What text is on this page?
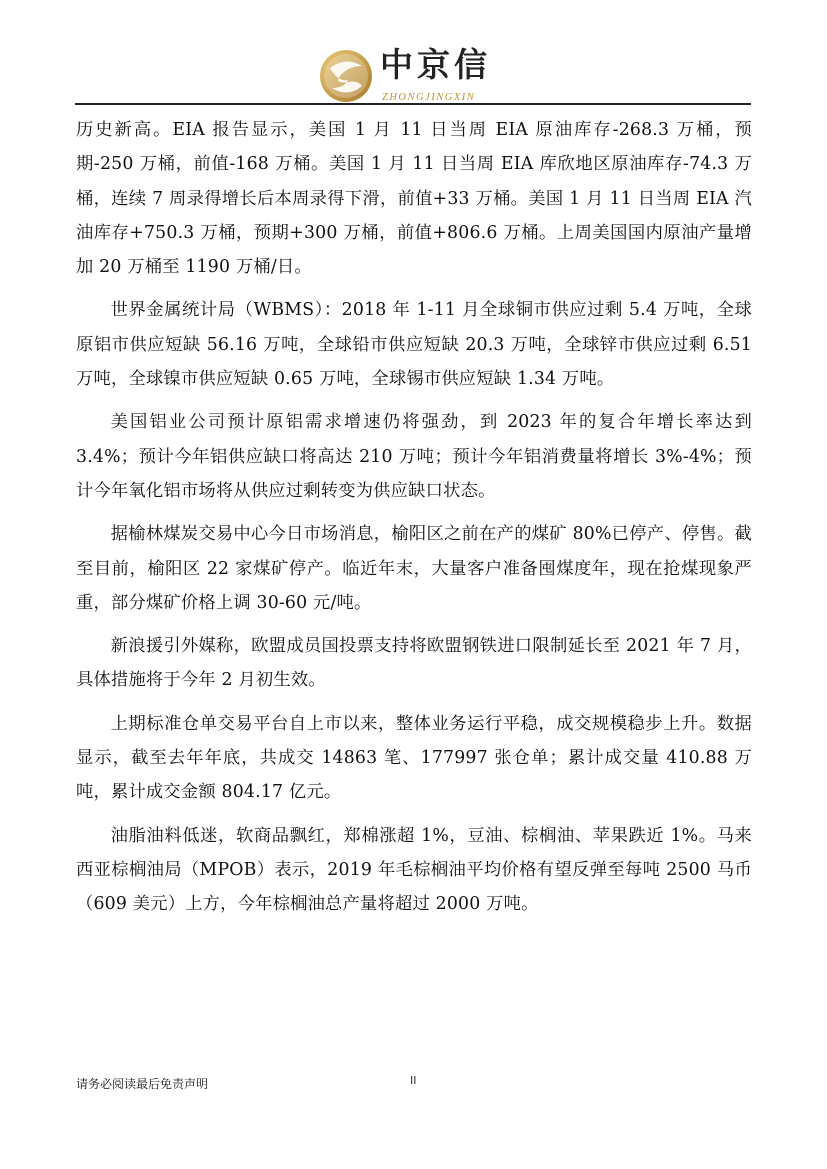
中京信
ZHONGJINGXIN

历史新高。EIA 报告显示，美国 1 月 11 日当周 EIA 原油库存-268.3 万桶，预期-250 万桶，前值-168 万桶。美国 1 月 11 日当周 EIA 库欣地区原油库存-74.3 万桶，连续 7 周录得增长后本周录得下滑，前值+33 万桶。美国 1 月 11 日当周 EIA 汽油库存+750.3 万桶，预期+300 万桶，前值+806.6 万桶。上周美国国内原油产量增加 20 万桶至 1190 万桶/日。

世界金属统计局（WBMS）：2018 年 1-11 月全球铜市供应过剩 5.4 万吨，全球原铝市供应短缺 56.16 万吨，全球铅市供应短缺 20.3 万吨，全球锌市供应过剩 6.51 万吨，全球镍市供应短缺 0.65 万吨，全球锡市供应短缺 1.34 万吨。

美国铝业公司预计原铝需求增速仍将强劲，到 2023 年的复合年增长率达到 3.4%；预计今年铝供应缺口将高达 210 万吨；预计今年铝消费量将增长 3%-4%；预计今年氧化铝市场将从供应过剩转变为供应缺口状态。

据榆林煤炭交易中心今日市场消息，榆阳区之前在产的煤矿 80%已停产、停售。截至目前，榆阳区 22 家煤矿停产。临近年末，大量客户准备囤煤度年，现在抢煤现象严重，部分煤矿价格上调 30-60 元/吨。

新浪援引外媒称，欧盟成员国投票支持将欧盟钢铁进口限制延长至 2021 年 7 月，具体措施将于今年 2 月初生效。

上期标准仓单交易平台自上市以来，整体业务运行平稳，成交规模稳步上升。数据显示，截至去年年底，共成交 14863 笔、177997 张仓单；累计成交量 410.88 万吨，累计成交金额 804.17 亿元。

油脂油料低迷，软商品飘红，郑棉涨超 1%，豆油、棕榈油、苹果跌近 1%。马来西亚棕榈油局（MPOB）表示，2019 年毛棕榈油平均价格有望反弹至每吨 2500 马币（609 美元）上方，今年棕榈油总产量将超过 2000 万吨。

请务必阅读最后免责声明	II
